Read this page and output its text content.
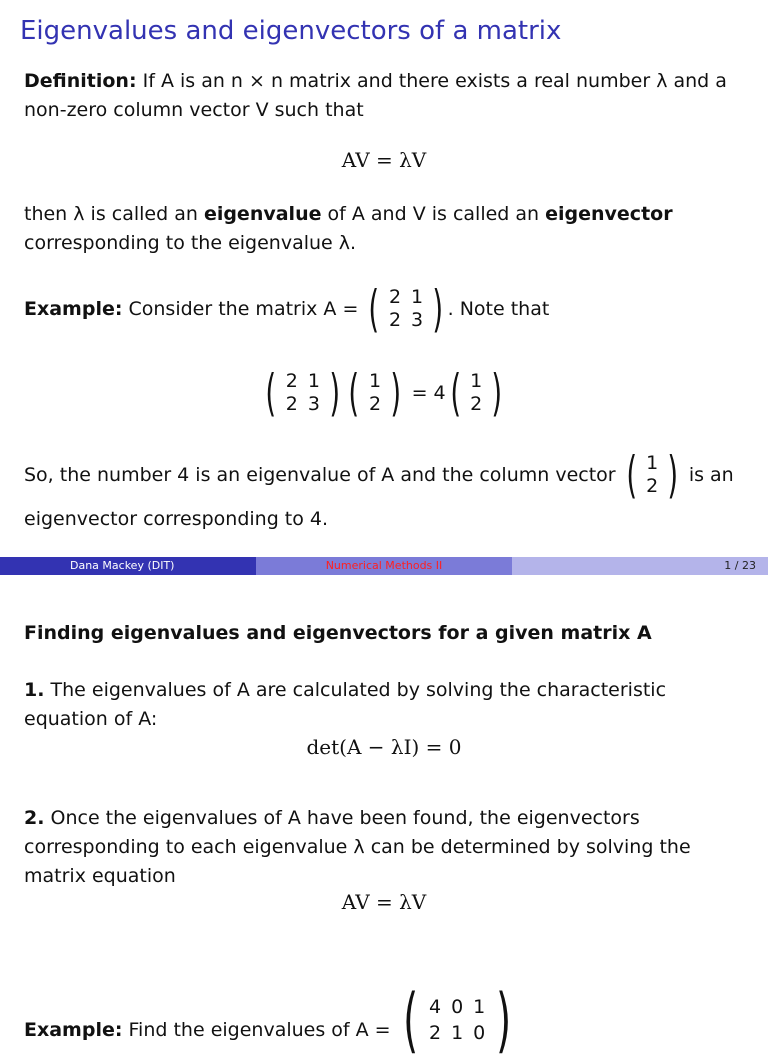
Eigenvalues and eigenvectors of a matrix
Definition: If A is an n × n matrix and there exists a real number λ and a
non-zero column vector V such that
AV = λV
then λ is called an eigenvalue of A and V is called an eigenvector
corresponding to the eigenvalue λ.
Example:
Consider the matrix A =
( 2 1
2 3 ) . Note that
( 2 1
2 3 ) ( 1
2 ) = 4 ( 1
2 )
So, the number 4 is an eigenvalue of A and the column vector
( 1
2 )
is an
eigenvector corresponding to 4.
Dana Mackey (DIT)	Numerical Methods II	1 / 23
Finding eigenvalues and eigenvectors for a given matrix A
1. The eigenvalues of A are calculated by solving the characteristic
equation of A:
det(A − λI) = 0
2. Once the eigenvalues of A have been found, the eigenvectors
corresponding to each eigenvalue λ can be determined by solving the
matrix equation
AV = λV
Example:
Find the eigenvalues of A =
( 4 0 1
2 1 0 )
